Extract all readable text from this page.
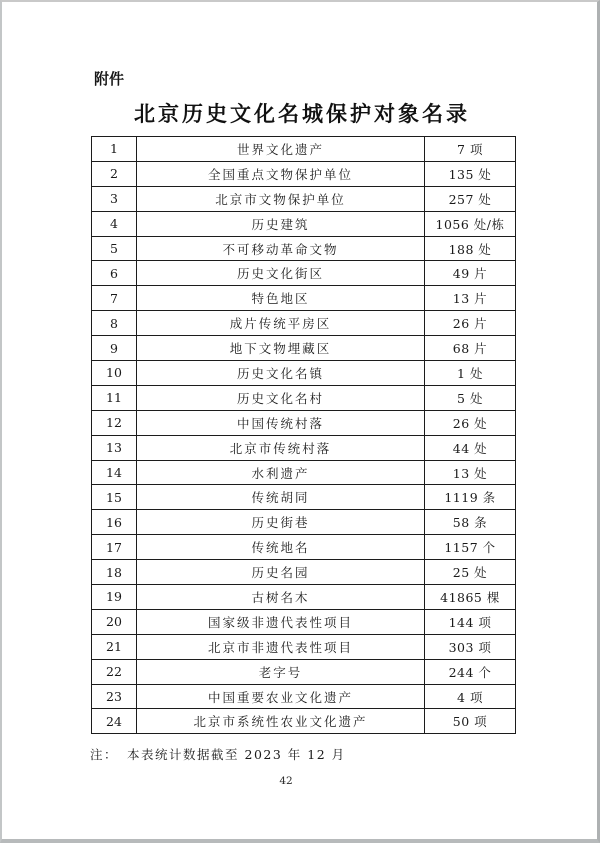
附件
北京历史文化名城保护对象名录
1	世界文化遗产	7 项
2	全国重点文物保护单位	135 处
3	北京市文物保护单位	257 处
4	历史建筑	1056 处/栋
5	不可移动革命文物	188 处
6	历史文化街区	49 片
7	特色地区	13 片
8	成片传统平房区	26 片
9	地下文物埋藏区	68 片
10	历史文化名镇	1 处
11	历史文化名村	5 处
12	中国传统村落	26 处
13	北京市传统村落	44 处
14	水利遗产	13 处
15	传统胡同	1119 条
16	历史街巷	58 条
17	传统地名	1157 个
18	历史名园	25 处
19	古树名木	41865 棵
20	国家级非遗代表性项目	144 项
21	北京市非遗代表性项目	303 项
22	老字号	244 个
23	中国重要农业文化遗产	4 项
24	北京市系统性农业文化遗产	50 项
注： 本表统计数据截至 2023 年 12 月
42
